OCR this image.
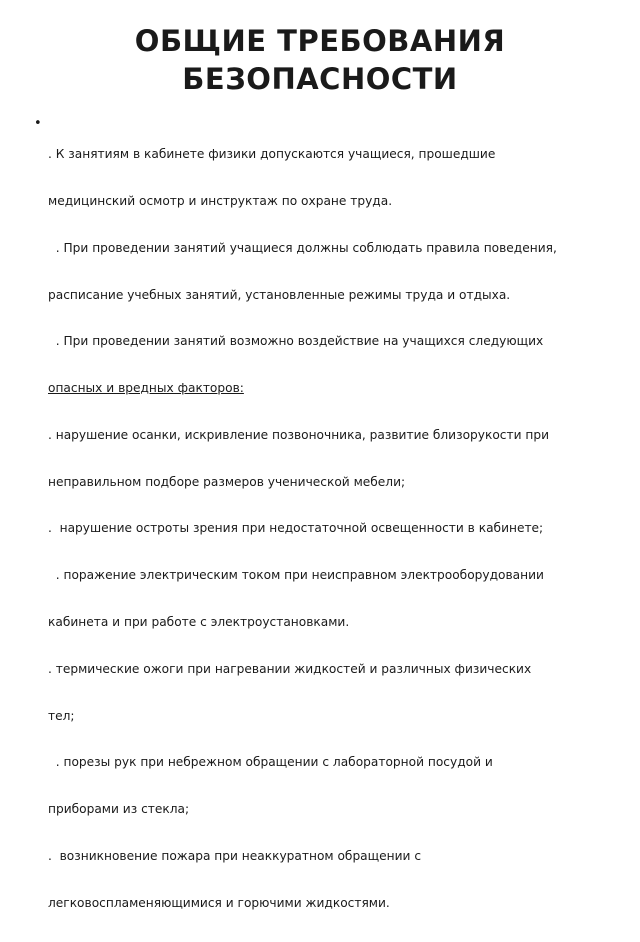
ОБЩИЕ ТРЕБОВАНИЯ
БЕЗОПАСНОСТИ
•

. К занятиям в кабинете физики допускаются учащиеся, прошедшие

медицинский осмотр и инструктаж по охране труда.

. При проведении занятий учащиеся должны соблюдать правила поведения,

расписание учебных занятий, установленные режимы труда и отдыха.

. При проведении занятий возможно воздействие на учащихся следующих

опасных и вредных факторов:

. нарушение осанки, искривление позвоночника, развитие близорукости при

неправильном подборе размеров ученической мебели;

.  нарушение остроты зрения при недостаточной освещенности в кабинете;

. поражение электрическим током при неисправном электрооборудовании

кабинета и при работе с электроустановками.

. термические ожоги при нагревании жидкостей и различных физических

тел;

. порезы рук при небрежном обращении с лабораторной посудой и

приборами из стекла;

.  возникновение пожара при неаккуратном обращении с

легковоспламеняющимися и горючими жидкостями.
